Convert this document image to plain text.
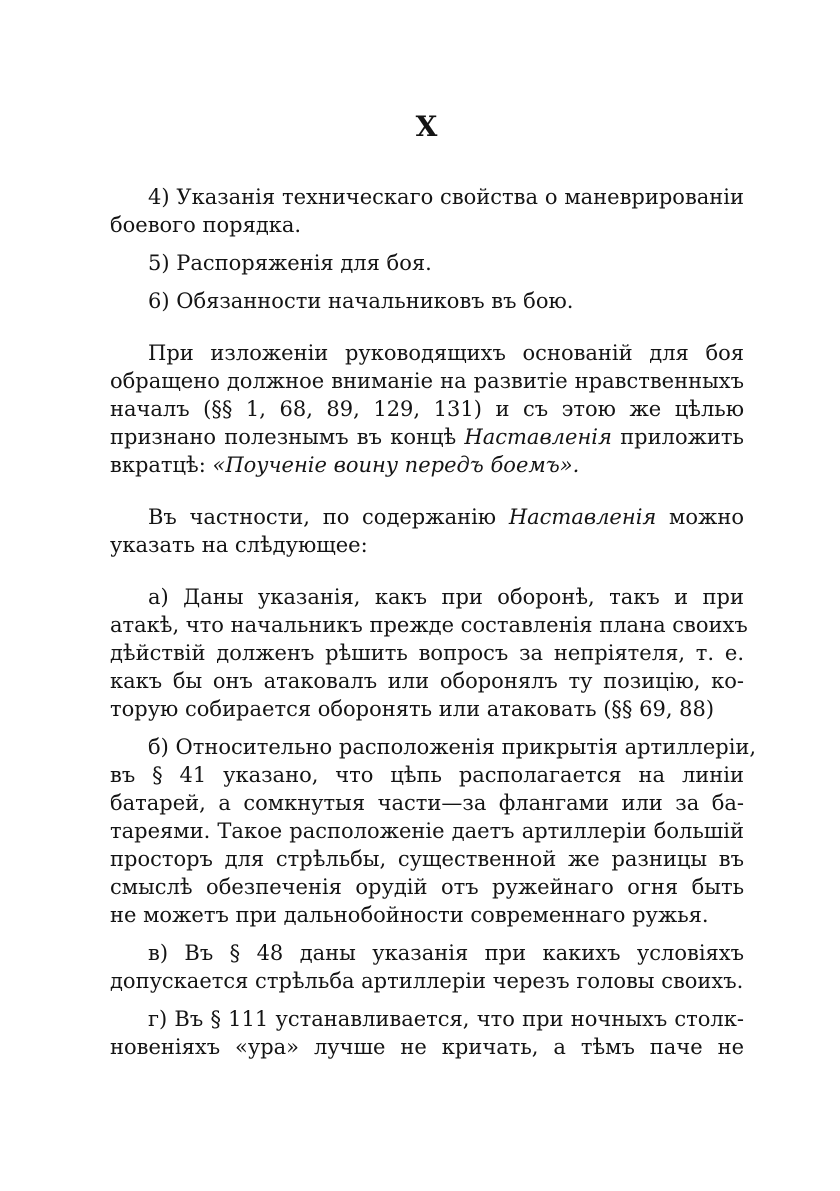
X
4) Указанія техническаго свойства о маневрированіи
боевого порядка.
5) Распоряженія для боя.
6) Обязанности начальниковъ въ бою.
При изложеніи руководящихъ основаній для боя
обращено должное вниманіе на развитіе нравственныхъ
началъ (§§ 1, 68, 89, 129, 131) и съ этою же цѣлью
признано полезнымъ въ концѣ Наставленія приложить
вкратцѣ: «Поученіе воину передъ боемъ».
Въ частности, по содержанію Наставленія можно
указать на слѣдующее:
а) Даны указанія, какъ при оборонѣ, такъ и при
атакѣ, что начальникъ прежде составленія плана своихъ
дѣйствій долженъ рѣшить вопросъ за непріятеля, т. е.
какъ бы онъ атаковалъ или оборонялъ ту позицію, ко-
торую собирается оборонять или атаковать (§§ 69, 88)
б) Относительно расположенія прикрытія артиллеріи,
въ § 41 указано, что цѣпь располагается на линіи
батарей, а сомкнутыя части—за флангами или за ба-
тареями. Такое расположеніе даетъ артиллеріи большій
просторъ для стрѣльбы, существенной же разницы въ
смыслѣ обезпеченія орудій отъ ружейнаго огня быть
не можетъ при дальнобойности современнаго ружья.
в) Въ § 48 даны указанія при какихъ условіяхъ
допускается стрѣльба артиллеріи черезъ головы своихъ.
г) Въ § 111 устанавливается, что при ночныхъ столк-
новеніяхъ «ура» лучше не кричать, а тѣмъ паче не
